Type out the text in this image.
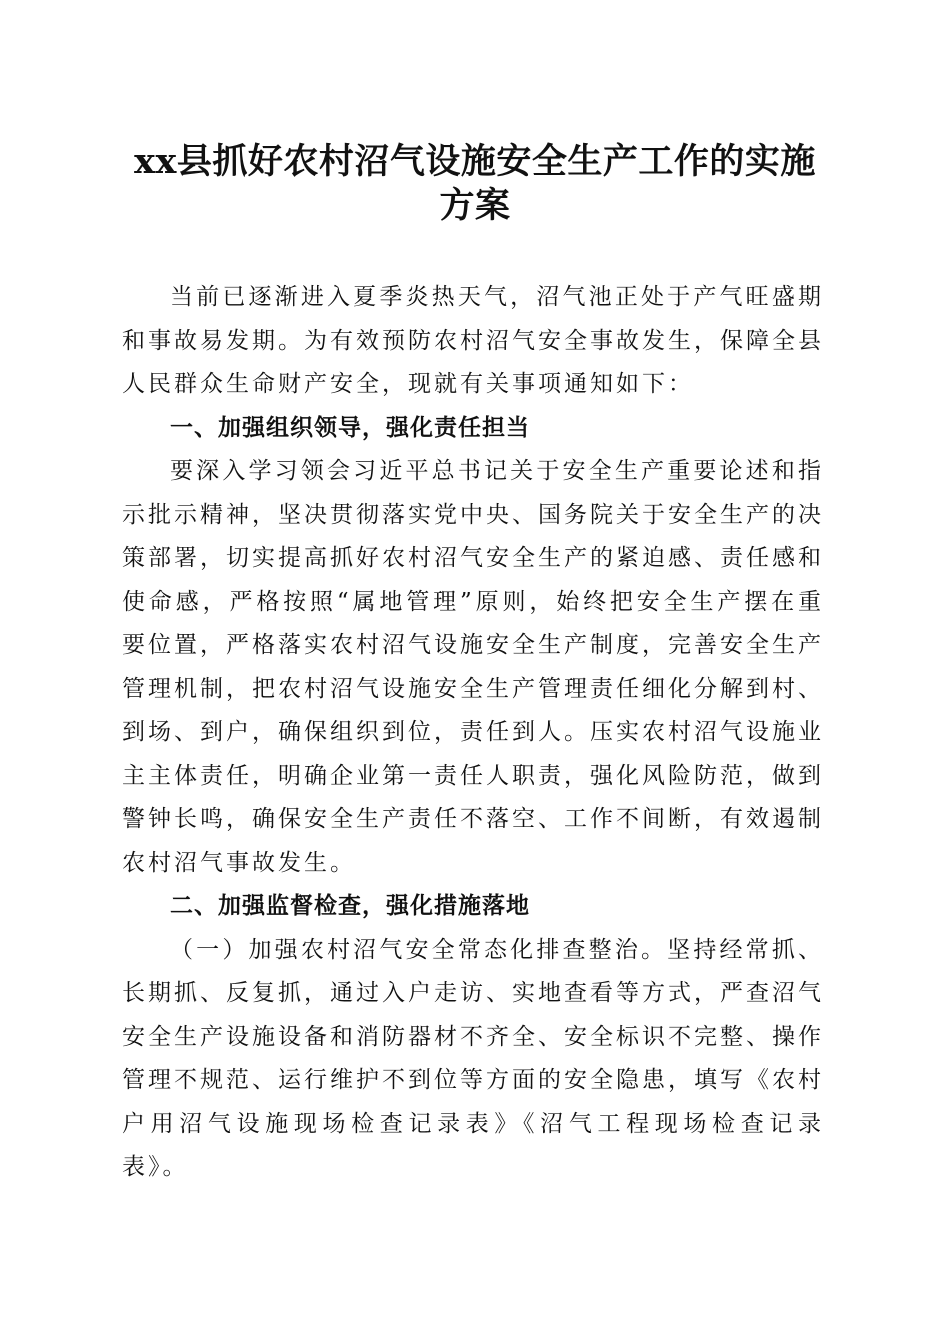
xx县抓好农村沼气设施安全生产工作的实施
方案

当前已逐渐进入夏季炎热天气，沼气池正处于产气旺盛期和事故易发期。为有效预防农村沼气安全事故发生，保障全县人民群众生命财产安全，现就有关事项通知如下：

一、加强组织领导，强化责任担当

要深入学习领会习近平总书记关于安全生产重要论述和指示批示精神，坚决贯彻落实党中央、国务院关于安全生产的决策部署，切实提高抓好农村沼气安全生产的紧迫感、责任感和使命感，严格按照“属地管理”原则，始终把安全生产摆在重要位置，严格落实农村沼气设施安全生产制度，完善安全生产管理机制，把农村沼气设施安全生产管理责任细化分解到村、到场、到户，确保组织到位，责任到人。压实农村沼气设施业主主体责任，明确企业第一责任人职责，强化风险防范，做到警钟长鸣，确保安全生产责任不落空、工作不间断，有效遏制农村沼气事故发生。

二、加强监督检查，强化措施落地

（一）加强农村沼气安全常态化排查整治。坚持经常抓、长期抓、反复抓，通过入户走访、实地查看等方式，严查沼气安全生产设施设备和消防器材不齐全、安全标识不完整、操作管理不规范、运行维护不到位等方面的安全隐患，填写《农村户用沼气设施现场检查记录表》《沼气工程现场检查记录表》。
